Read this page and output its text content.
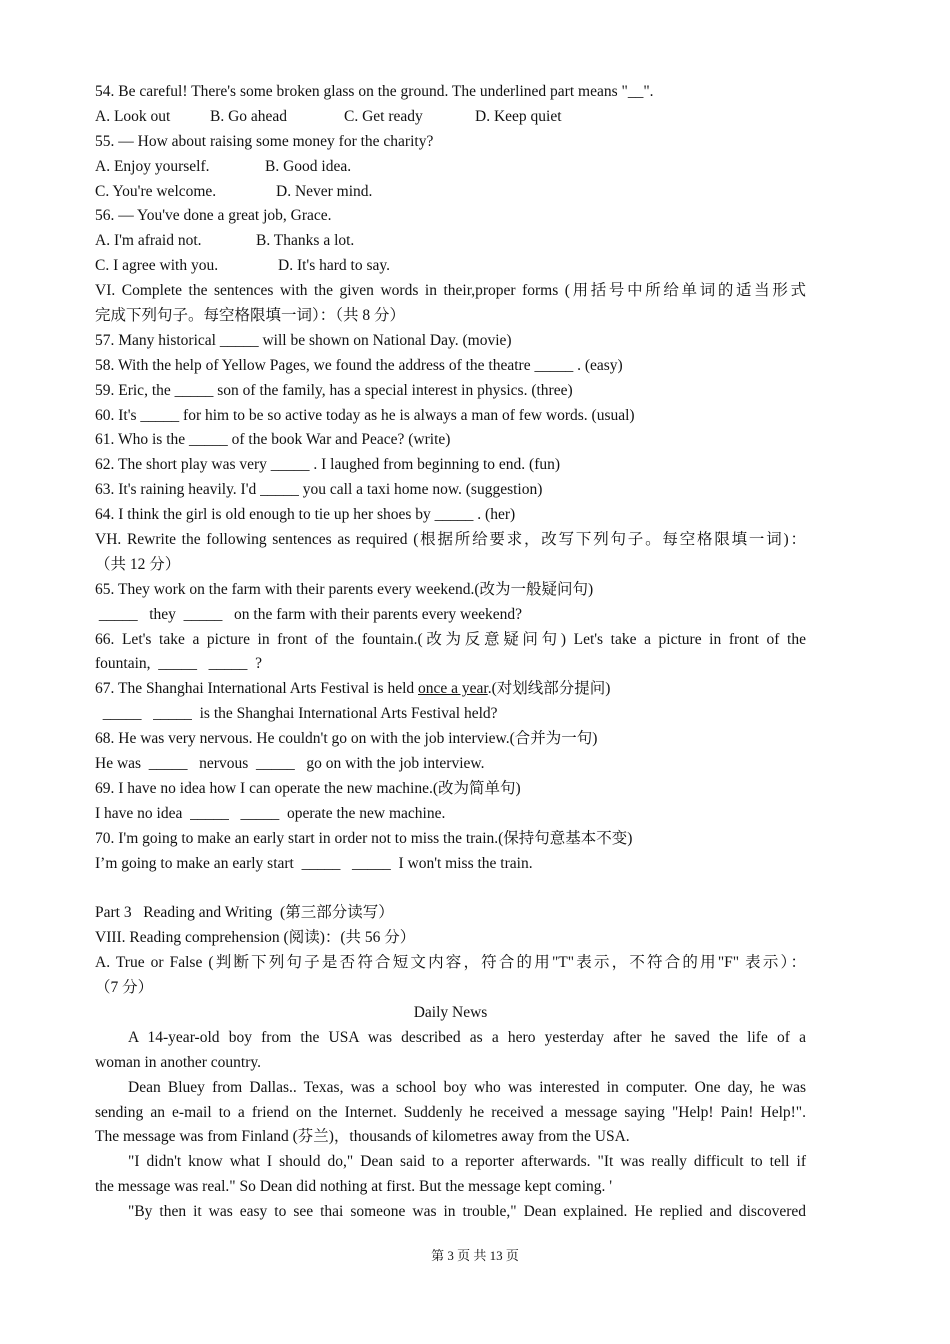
54. Be careful! There's some broken glass on the ground. The underlined part means "__".
A. Look out	B. Go ahead	C. Get ready	D. Keep quiet
55. — How about raising some money for the charity?
A. Enjoy yourself.	B. Good idea.
C. You're welcome.	D. Never mind.
56. — You've done a great job, Grace.
A. I'm afraid not.	B. Thanks a lot.
C. I agree with you.	D. It's hard to say.
VI. Complete the sentences with the given words in their,proper forms (用括号中所给单词的适当形式
完成下列句子。每空格限填一词）：（共 8 分）
57. Many historical _____ will be shown on National Day. (movie)
58. With the help of Yellow Pages, we found the address of the theatre _____ . (easy)
59. Eric, the _____ son of the family, has a special interest in physics. (three)
60. It's _____ for him to be so active today as he is always a man of few words. (usual)
61. Who is the _____ of the book War and Peace? (write)
62. The short play was very _____ . I laughed from beginning to end. (fun)
63. It's raining heavily. I'd _____ you call a taxi home now. (suggestion)
64. I think the girl is old enough to tie up her shoes by _____ . (her)
VH. Rewrite the following sentences as required (根据所给要求，改写下列句子。每空格限填一词)：
（共 12 分）
65. They work on the farm with their parents every weekend.(改为一般疑问句)
_____   they  _____   on the farm with their parents every weekend?
66. Let's take a picture in front of the fountain.(改为反意疑问句) Let's take a picture in front of the
fountain,  _____   _____  ?
67. The Shanghai International Arts Festival is held once a year.(对划线部分提问)
_____   _____  is the Shanghai International Arts Festival held?
68. He was very nervous. He couldn't go on with the job interview.(合并为一句)
He was  _____   nervous  _____   go on with the job interview.
69. I have no idea how I can operate the new machine.(改为简单句)
I have no idea  _____   _____  operate the new machine.
70. I'm going to make an early start in order not to miss the train.(保持句意基本不变)
I’m going to make an early start  _____   _____  I won't miss the train.
Part 3   Reading and Writing  (第三部分读写）
VIII. Reading comprehension (阅读)：(共 56 分）
A. True or False (判断下列句子是否符合短文内容，符合的用"T"表示，不符合的用"F" 表示）：
（7 分）
Daily News
A 14-year-old boy from the USA was described as a hero yesterday after he saved the life of a
woman in another country.
Dean Bluey from Dallas.. Texas, was a school boy who was interested in computer. One day, he was
sending an e-mail to a friend on the Internet. Suddenly he received a message saying "Help! Pain! Help!".
The message was from Finland (芬兰)，thousands of kilometres away from the USA.
"I didn't know what I should do," Dean said to a reporter afterwards. "It was really difficult to tell if
the message was real." So Dean did nothing at first. But the message kept coming. '
"By then it was easy to see thai someone was in trouble," Dean explained. He replied and discovered
第 3 页 共 13 页
